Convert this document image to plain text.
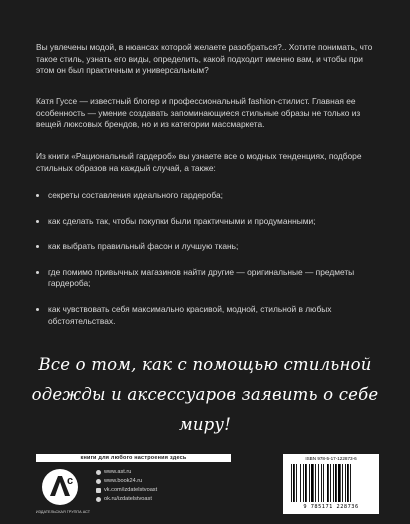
Вы увлечены модой, в нюансах которой желаете разобраться?.. Хотите понимать, что такое стиль, узнать его виды, определить, какой подходит именно вам, и чтобы при этом он был практичным и универсальным?
Катя Гуссе — известный блогер и профессиональный fashion-стилист. Главная ее особенность — умение создавать запоминающиеся стильные образы не только из вещей люксовых брендов, но и из категории массмаркета.
Из книги «Рациональный гардероб» вы узнаете все о модных тенденциях, подборе стильных образов на каждый случай, а также:
секреты составления идеального гардероба;
как сделать так, чтобы покупки были практичными и продуманными;
как выбрать правильный фасон и лучшую ткань;
где помимо привычных магазинов найти другие — оригинальные — предметы гардероба;
как чувствовать себя максимально красивой, модной, стильной в любых обстоятельствах.
Все о том, как с помощью стильной одежды и аксессуаров заявить о себе миру!
книги для любого настроения здесь
c
T
ИЗДАТЕЛЬСКАЯ ГРУППА АСТ
www.ast.ru
www.book24.ru
vk.com/izdatelstvoast
ok.ru/izdatelstvoast
ISBN 978-5-17-122873-6
9 785171 228736
